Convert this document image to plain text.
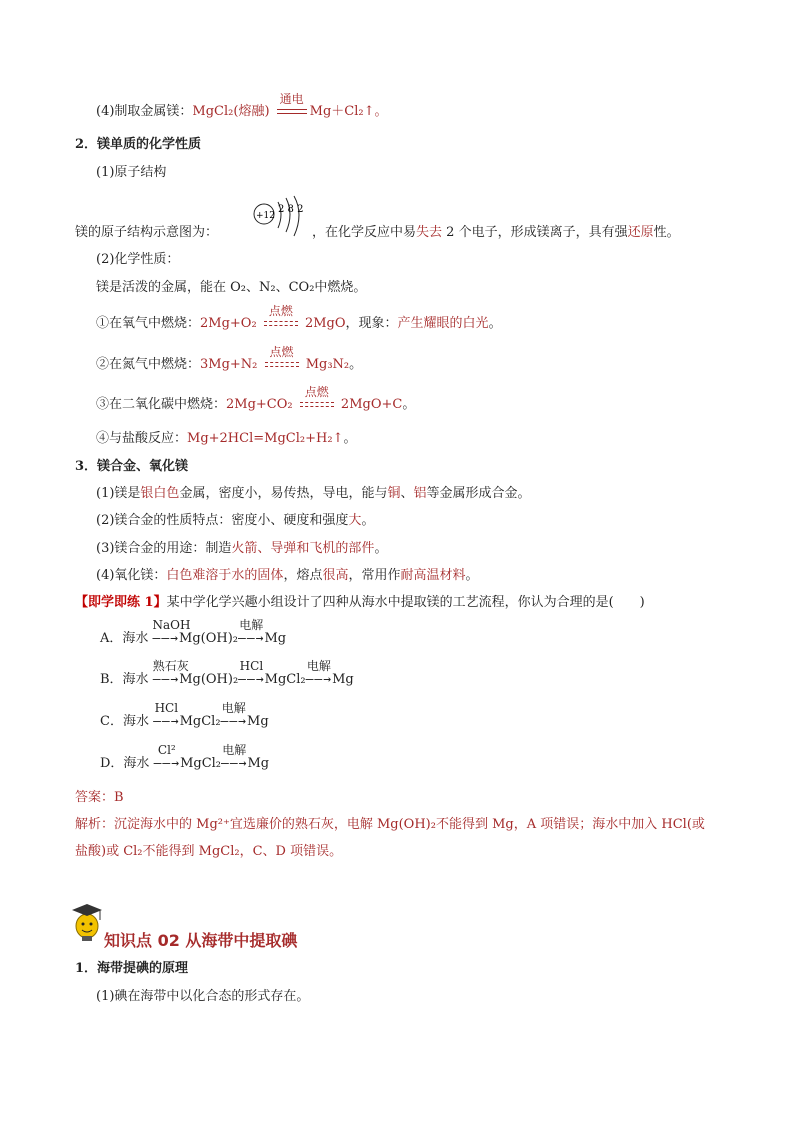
(4)制取金属镁：MgCl₂(熔融)
通电
Mg＋Cl₂↑。
2．镁单质的化学性质
(1)原子结构
镁的原子结构示意图为：
+12
2 8 2
，在化学反应中易失去 2 个电子，形成镁离子，具有强还原性。
(2)化学性质：
镁是活泼的金属，能在 O₂、N₂、CO₂中燃烧。
①在氧气中燃烧：2Mg+O₂
点燃
2MgO，现象：产生耀眼的白光。
②在氮气中燃烧：3Mg+N₂
点燃
Mg₃N₂。
③在二氧化碳中燃烧：2Mg+CO₂
点燃
2MgO+C。
④与盐酸反应：Mg+2HCl=MgCl₂+H₂↑。
3．镁合金、氧化镁
(1)镁是银白色金属，密度小，易传热，导电，能与铜、铝等金属形成合金。
(2)镁合金的性质特点：密度小、硬度和强度大。
(3)镁合金的用途：制造火箭、导弹和飞机的部件。
(4)氧化镁：白色难溶于水的固体，熔点很高，常用作耐高温材料。
【即学即练 1】某中学化学兴趣小组设计了四种从海水中提取镁的工艺流程，你认为合理的是(　　)
A．海水
NaOH
——→Mg(OH)₂
电解
——→Mg
B．海水
熟石灰
——→Mg(OH)₂
HCl
——→MgCl₂
电解
——→Mg
C．海水
HCl
——→MgCl₂
电解
——→Mg
D．海水
Cl²
——→MgCl₂
电解
——→Mg
答案：B
解析：沉淀海水中的 Mg²⁺宜选廉价的熟石灰，电解 Mg(OH)₂不能得到 Mg，A 项错误；海水中加入 HCl(或
盐酸)或 Cl₂不能得到 MgCl₂，C、D 项错误。
知识点 02 从海带中提取碘
1．海带提碘的原理
(1)碘在海带中以化合态的形式存在。
